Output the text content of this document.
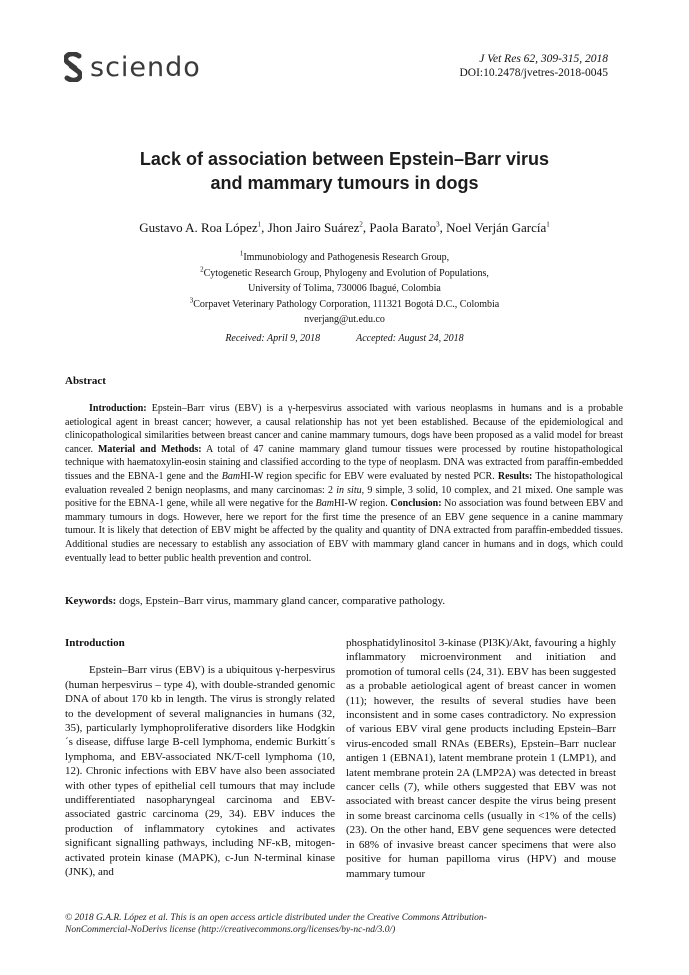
sciendo	J Vet Res 62, 309-315, 2018
DOI:10.2478/jvetres-2018-0045
Lack of association between Epstein–Barr virus
and mammary tumours in dogs
Gustavo A. Roa López$^1$, Jhon Jairo Suárez$^2$, Paola Barato$^3$, Noel Verján García$^1$
$^1$Immunobiology and Pathogenesis Research Group,
$^2$Cytogenetic Research Group, Phylogeny and Evolution of Populations,
University of Tolima, 730006 Ibagué, Colombia
$^3$Corpavet Veterinary Pathology Corporation, 111321 Bogotá D.C., Colombia
nverjang@ut.edu.co
Received: April 9, 2018	Accepted: August 24, 2018
Abstract
Introduction: Epstein–Barr virus (EBV) is a γ-herpesvirus associated with various neoplasms in humans and is a probable aetiological agent in breast cancer; however, a causal relationship has not yet been established. Because of the epidemiological and clinicopathological similarities between breast cancer and canine mammary tumours, dogs have been proposed as a valid model for breast cancer. Material and Methods: A total of 47 canine mammary gland tumour tissues were processed by routine histopathological technique with haematoxylin-eosin staining and classified according to the type of neoplasm. DNA was extracted from paraffin-embedded tissues and the EBNA-1 gene and the BamHI-W region specific for EBV were evaluated by nested PCR. Results: The histopathological evaluation revealed 2 benign neoplasms, and many carcinomas: 2 in situ, 9 simple, 3 solid, 10 complex, and 21 mixed. One sample was positive for the EBNA-1 gene, while all were negative for the BamHI-W region. Conclusion: No association was found between EBV and mammary tumours in dogs. However, here we report for the first time the presence of an EBV gene sequence in a canine mammary tumour. It is likely that detection of EBV might be affected by the quality and quantity of DNA extracted from paraffin-embedded tissues. Additional studies are necessary to establish any association of EBV with mammary gland cancer in humans and in dogs, which could eventually lead to better public health prevention and control.
Keywords: dogs, Epstein–Barr virus, mammary gland cancer, comparative pathology.
Introduction

Epstein–Barr virus (EBV) is a ubiquitous γ-herpesvirus (human herpesvirus – type 4), with double-stranded genomic DNA of about 170 kb in length. The virus is strongly related to the development of several malignancies in humans (32, 35), particularly lymphoproliferative disorders like Hodgkin´s disease, diffuse large B-cell lymphoma, endemic Burkitt´s lymphoma, and EBV-associated NK/T-cell lymphoma (10, 12). Chronic infections with EBV have also been associated with other types of epithelial cell tumours that may include undifferentiated nasopharyngeal carcinoma and EBV-associated gastric carcinoma (29, 34). EBV induces the production of inflammatory cytokines and activates significant signalling pathways, including NF-κB, mitogen-activated protein kinase (MAPK), c-Jun N-terminal kinase (JNK), and

phosphatidylinositol 3-kinase (PI3K)/Akt, favouring a highly inflammatory microenvironment and initiation and promotion of tumoral cells (24, 31). EBV has been suggested as a probable aetiological agent of breast cancer in women (11); however, the results of several studies have been inconsistent and in some cases contradictory. No expression of various EBV viral gene products including Epstein–Barr virus-encoded small RNAs (EBERs), Epstein–Barr nuclear antigen 1 (EBNA1), latent membrane protein 1 (LMP1), and latent membrane protein 2A (LMP2A) was detected in breast cancer cells (7), while others suggested that EBV was not associated with breast cancer despite the virus being present in some breast carcinoma cells (usually in <1% of the cells) (23). On the other hand, EBV gene sequences were detected in 68% of invasive breast cancer specimens that were also positive for human papilloma virus (HPV) and mouse mammary tumour

© 2018 G.A.R. López et al. This is an open access article distributed under the Creative Commons Attribution-
NonCommercial-NoDerivs license (http://creativecommons.org/licenses/by-nc-nd/3.0/)
